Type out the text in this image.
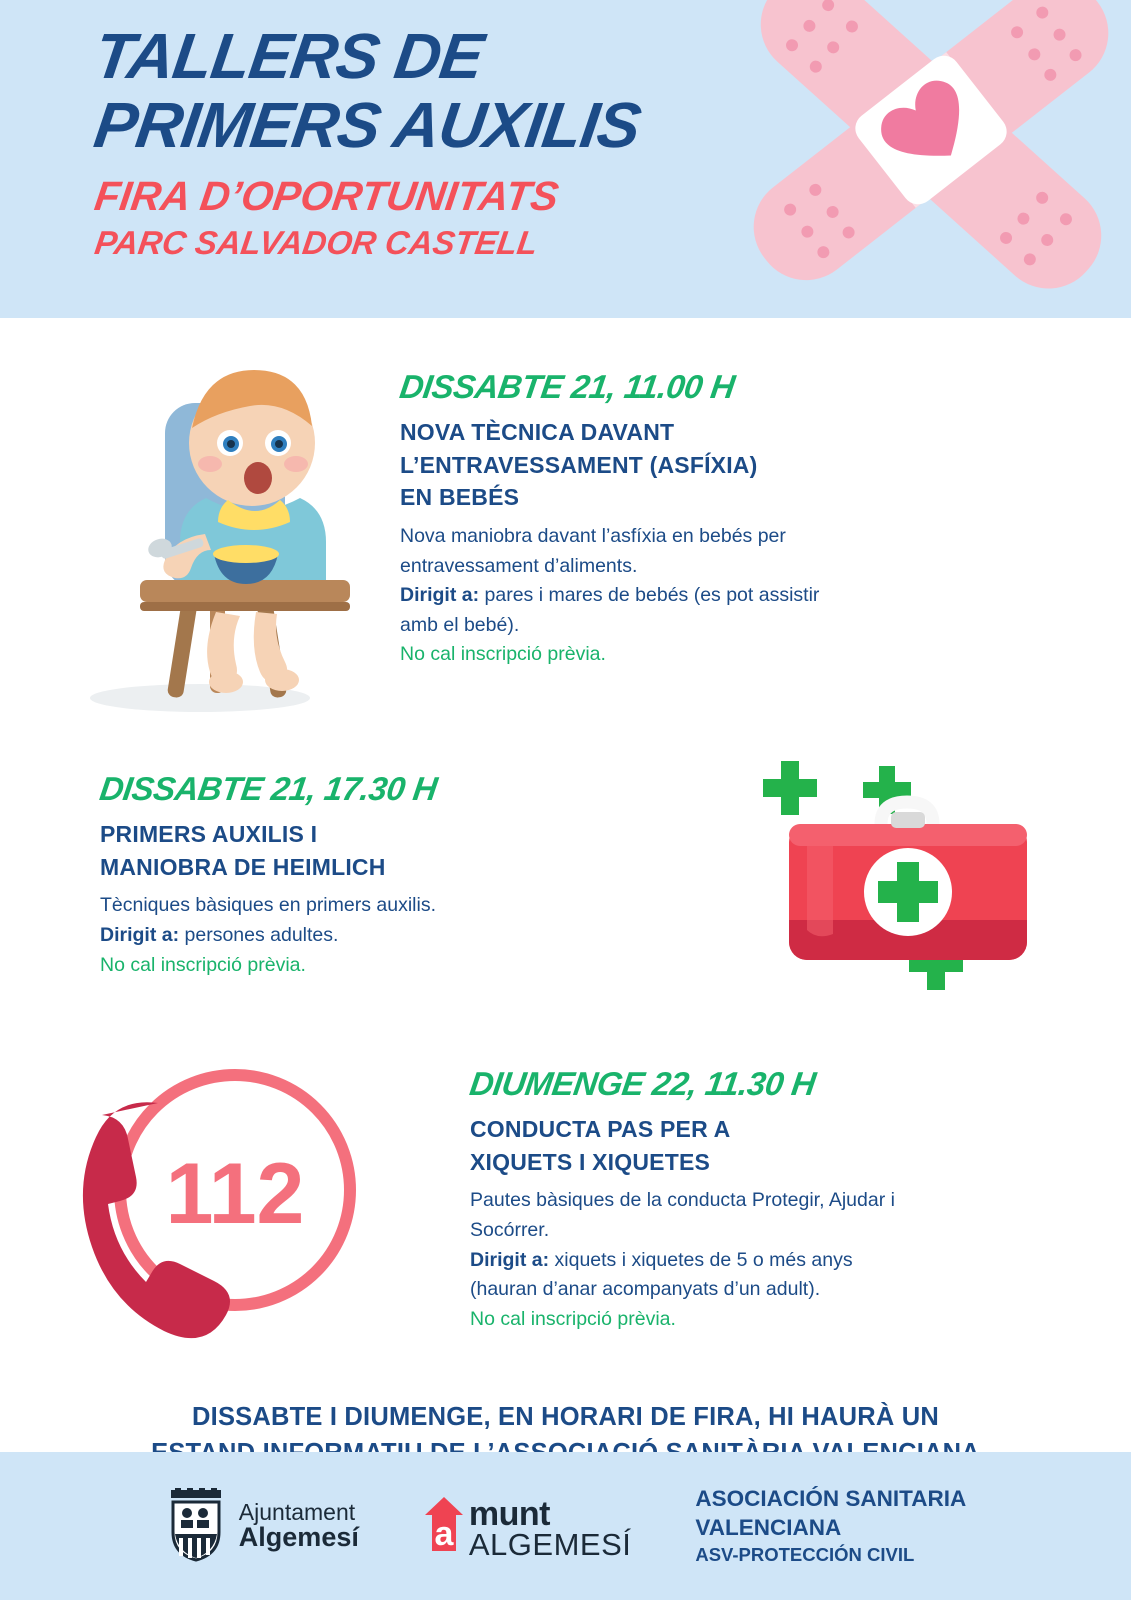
TALLERS DE
PRIMERS AUXILIS
FIRA D’OPORTUNITATS
PARC SALVADOR CASTELL
DISSABTE 21, 11.00 H
NOVA TÈCNICA DAVANT
L’ENTRAVESSAMENT (ASFÍXIA)
EN BEBÉS
Nova maniobra davant l’asfíxia en bebés per
entravessament d’aliments.
Dirigit a: pares i mares de bebés (es pot assistir
amb el bebé).
No cal inscripció prèvia.
DISSABTE 21, 17.30 H
PRIMERS AUXILIS I
MANIOBRA DE HEIMLICH
Tècniques bàsiques en primers auxilis.
Dirigit a: persones adultes.
No cal inscripció prèvia.
112
DIUMENGE 22, 11.30 H
CONDUCTA PAS PER A
XIQUETS I XIQUETES
Pautes bàsiques de la conducta Protegir, Ajudar i
Socórrer.
Dirigit a: xiquets i xiquetes de 5 o més anys
(hauran d’anar acompanyats d’un adult).
No cal inscripció prèvia.
DISSABTE I DIUMENGE, EN HORARI DE FIRA, HI HAURÀ UN
Ajuntament
Algemesí a
munt
ALGEMESÍ
ASOCIACIÓN SANITARIA
VALENCIANA
ASV-PROTECCIÓN CIVIL
